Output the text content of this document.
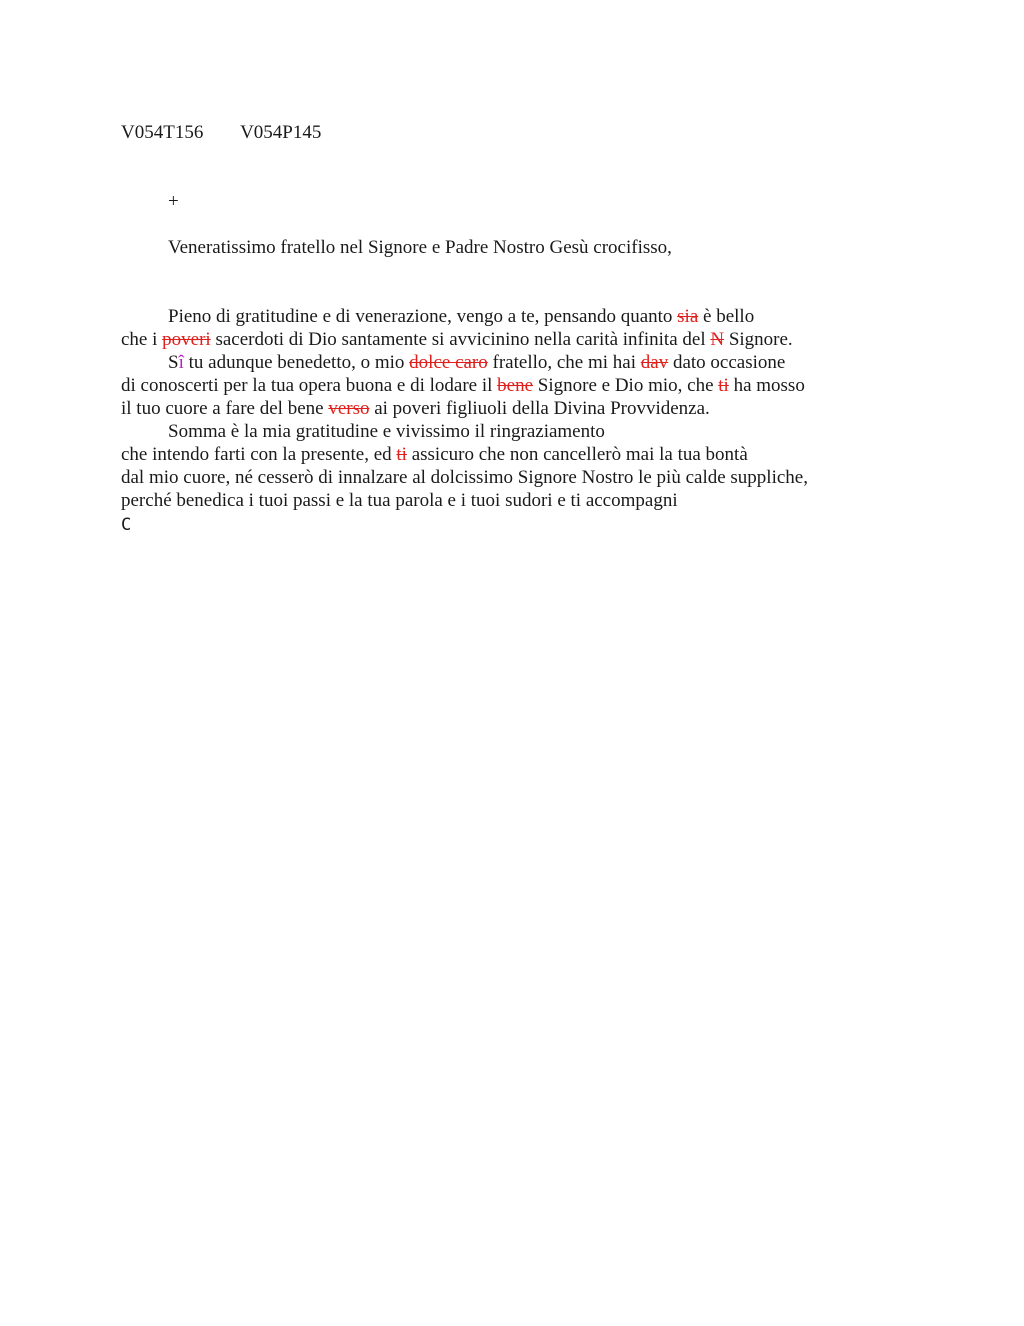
V054T156 V054P145
+
Veneratissimo fratello nel Signore e Padre Nostro Gesù crocifisso,
Pieno di gratitudine e di venerazione, vengo a te, pensando quanto sia è bello
che i poveri sacerdoti di Dio santamente si avvicinino nella carità infinita del N Signore.
Sî tu adunque benedetto, o mio dolce caro fratello, che mi hai dav dato occasione
di conoscerti per la tua opera buona e di lodare il bene Signore e Dio mio, che ti ha mosso
il tuo cuore a fare del bene verso ai poveri figliuoli della Divina Provvidenza.
Somma è la mia gratitudine e vivissimo il ringraziamento
che intendo farti con la presente, ed ti assicuro che non cancellerò mai la tua bontà
dal mio cuore, né cesserò di innalzare al dolcissimo Signore Nostro le più calde suppliche,
perché benedica i tuoi passi e la tua parola e i tuoi sudori e ti accompagni
C
